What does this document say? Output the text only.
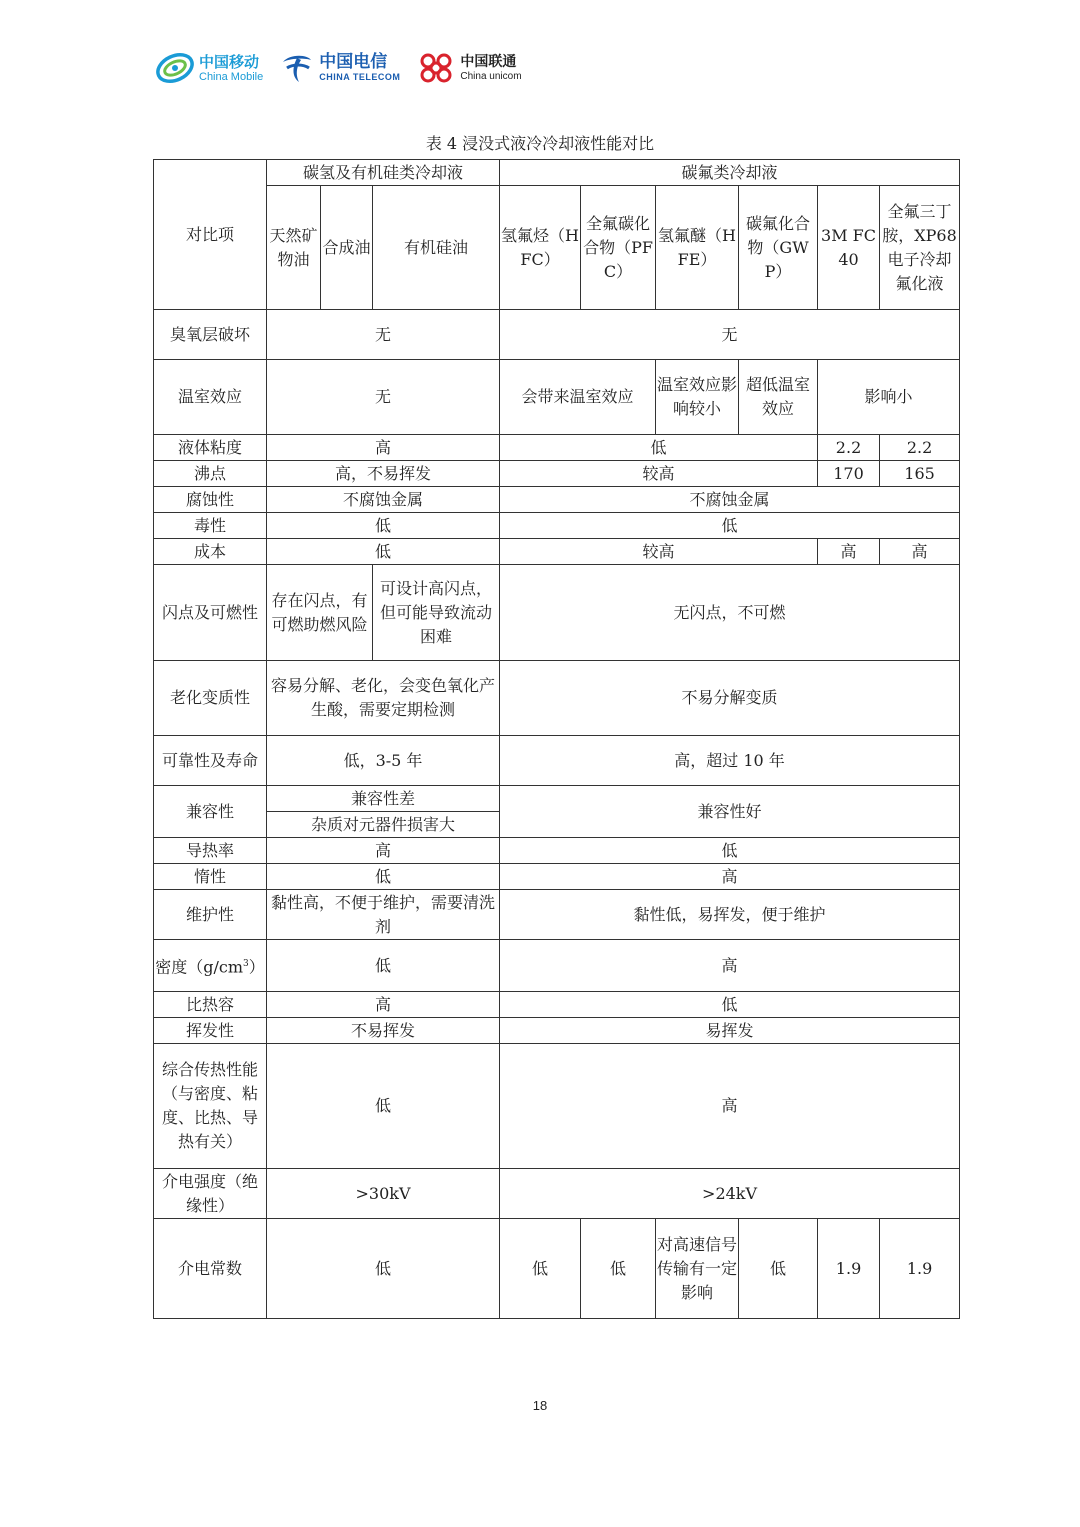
中国移动
China Mobile
中国电信
CHINA TELECOM
中国联通
China unicom
表 4 浸没式液冷冷却液性能对比
对比项	碳氢及有机硅类冷却液			碳氟类冷却液					
	天然矿物油	合成油	有机硅油	氢氟烃（HFC）	全氟碳化合物（PFC）	氢氟醚（HFE）	碳氟化合物（GWP）	3M FC40	全氟三丁胺，XP68 电子冷却氟化液
臭氧层破坏	无			无					
温室效应	无			会带来温室效应		温室效应影响较小	超低温室效应	影响小	
液体粘度	高			低				2.2	2.2
沸点	高，不易挥发			较高				170	165
腐蚀性	不腐蚀金属			不腐蚀金属					
毒性	低			低					
成本	低			较高				高	高
闪点及可燃性	存在闪点，有可燃助燃风险		可设计高闪点，但可能导致流动困难	无闪点，不可燃					
老化变质性	容易分解、老化，会变色氧化产生酸，需要定期检测			不易分解变质					
可靠性及寿命	低，3-5 年			高，超过 10 年					
兼容性	兼容性差			兼容性好					
	杂质对元器件损害大								
导热率	高			低					
惰性	低			高					
维护性	黏性高，不便于维护，需要清洗剂			黏性低，易挥发，便于维护					
密度$(g/cm^3)$	低			高					
比热容	高			低					
挥发性	不易挥发			易挥发					
综合传热性能（与密度、粘度、比热、导热有关）	低			高					
介电强度（绝缘性）	>30kV			>24kV					
介电常数	低			低	低	对高速信号传输有一定影响	低	1.9	1.9
18
